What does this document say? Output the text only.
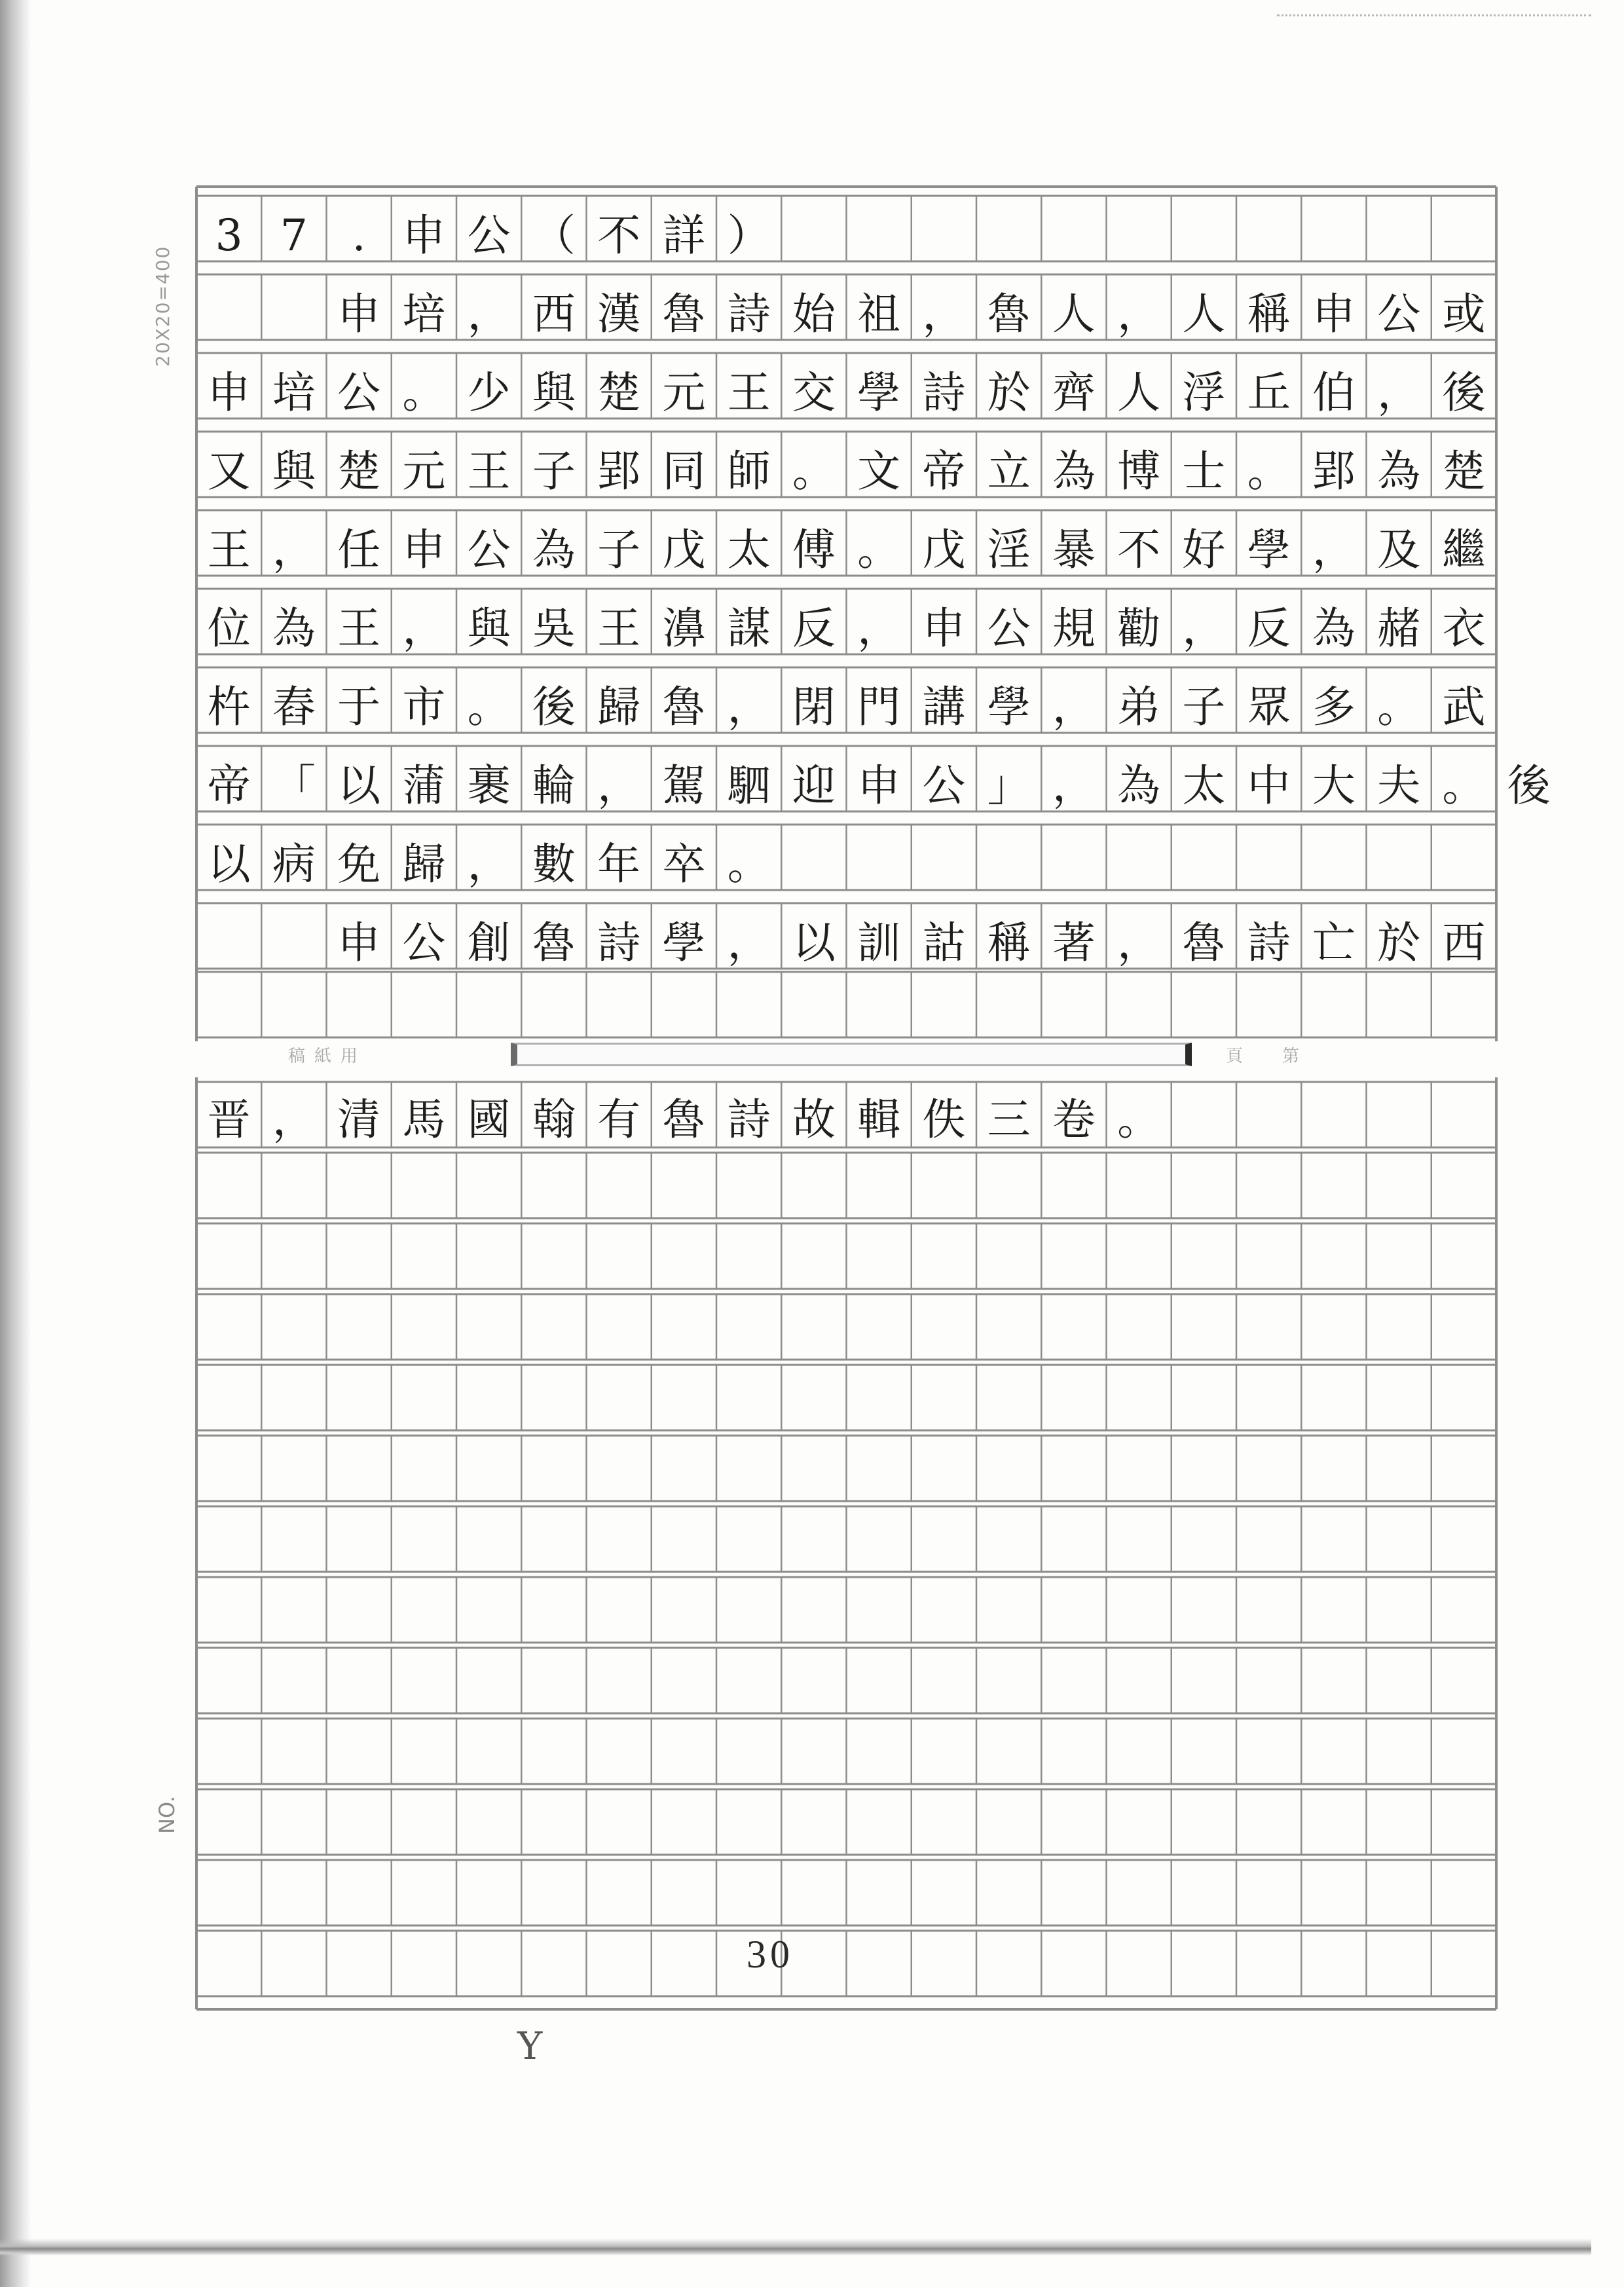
20X20=400
NO.
3 7 . 申 公 （ 不 詳 ）
　　申 培 ， 西 漢 魯 詩 始 祖 ， 魯 人 ， 人 稱 申 公 或
申 培 公 。 少 與 楚 元 王 交 學 詩 於 齊 人 浮 丘 伯 ， 後
又 與 楚 元 王 子 郢 同 師 。 文 帝 立 為 博 士 。 郢 為 楚
王 ， 任 申 公 為 子 戊 太 傅 。 戊 淫 暴 不 好 學 ， 及 繼
位 為 王 ， 與 吳 王 濞 謀 反 ， 申 公 規 勸 ， 反 為 赭 衣
杵 舂 于 市 。 後 歸 魯 ， 閉 門 講 學 ， 弟 子 眾 多 。 武
帝 「 以 蒲 裹 輪 ， 駕 駟 迎 申 公 」 ， 為 太 中 大 夫 。 後
以 病 免 歸 ， 數 年 卒 。
　　申 公 創 魯 詩 學 ， 以 訓 詁 稱 著 ， 魯 詩 亡 於 西
晋 ， 清 馬 國 翰 有 魯 詩 故 輯 佚 三 卷 。
稿紙用	頁第
30
Y
